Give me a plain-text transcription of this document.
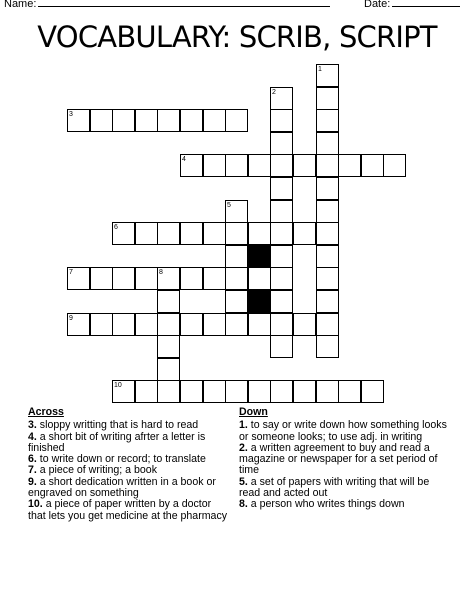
Name:	Date:
VOCABULARY: SCRIB, SCRIPT
1
2
3
4
5
6
7	8
9
10
Across
3. sloppy writting that is hard to read
4. a short bit of writing afrter a letter is finished
6. to write down or record; to translate
7. a piece of writing; a book
9. a short dedication written in a book or engraved on something
10. a piece of paper written by a doctor that lets you get medicine at the pharmacy
Down
1. to say or write down how something looks or someone looks; to use adj. in writing
2. a written agreement to buy and read a magazine or newspaper for a set period of time
5. a set of papers with writing that will be read and acted out
8. a person who writes things down
